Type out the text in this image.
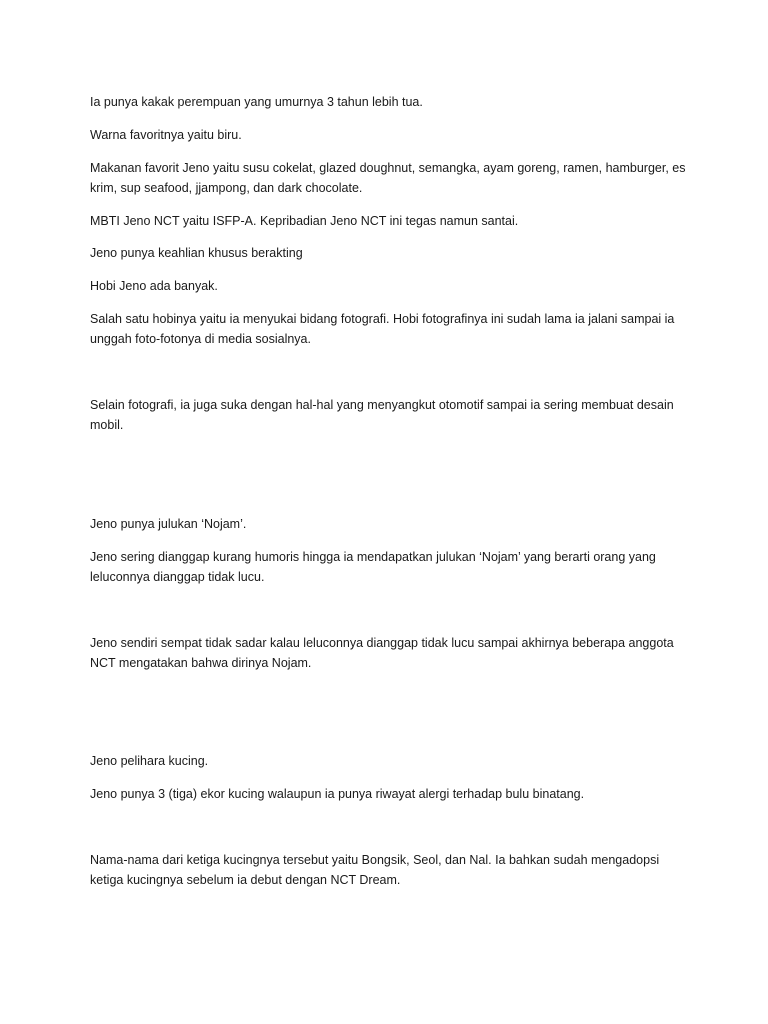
Ia punya kakak perempuan yang umurnya 3 tahun lebih tua.

Warna favoritnya yaitu biru.

Makanan favorit Jeno yaitu susu cokelat, glazed doughnut, semangka, ayam goreng, ramen, hamburger, es krim, sup seafood, jjampong, dan dark chocolate.

MBTI Jeno NCT yaitu ISFP-A. Kepribadian Jeno NCT ini tegas namun santai.

Jeno punya keahlian khusus berakting

Hobi Jeno ada banyak.

Salah satu hobinya yaitu ia menyukai bidang fotografi. Hobi fotografinya ini sudah lama ia jalani sampai ia unggah foto-fotonya di media sosialnya.

Selain fotografi, ia juga suka dengan hal-hal yang menyangkut otomotif sampai ia sering membuat desain mobil.

Jeno punya julukan ‘Nojam’.

Jeno sering dianggap kurang humoris hingga ia mendapatkan julukan ‘Nojam’ yang berarti orang yang leluconnya dianggap tidak lucu.

Jeno sendiri sempat tidak sadar kalau leluconnya dianggap tidak lucu sampai akhirnya beberapa anggota NCT mengatakan bahwa dirinya Nojam.

Jeno pelihara kucing.

Jeno punya 3 (tiga) ekor kucing walaupun ia punya riwayat alergi terhadap bulu binatang.

Nama-nama dari ketiga kucingnya tersebut yaitu Bongsik, Seol, dan Nal. Ia bahkan sudah mengadopsi ketiga kucingnya sebelum ia debut dengan NCT Dream.
